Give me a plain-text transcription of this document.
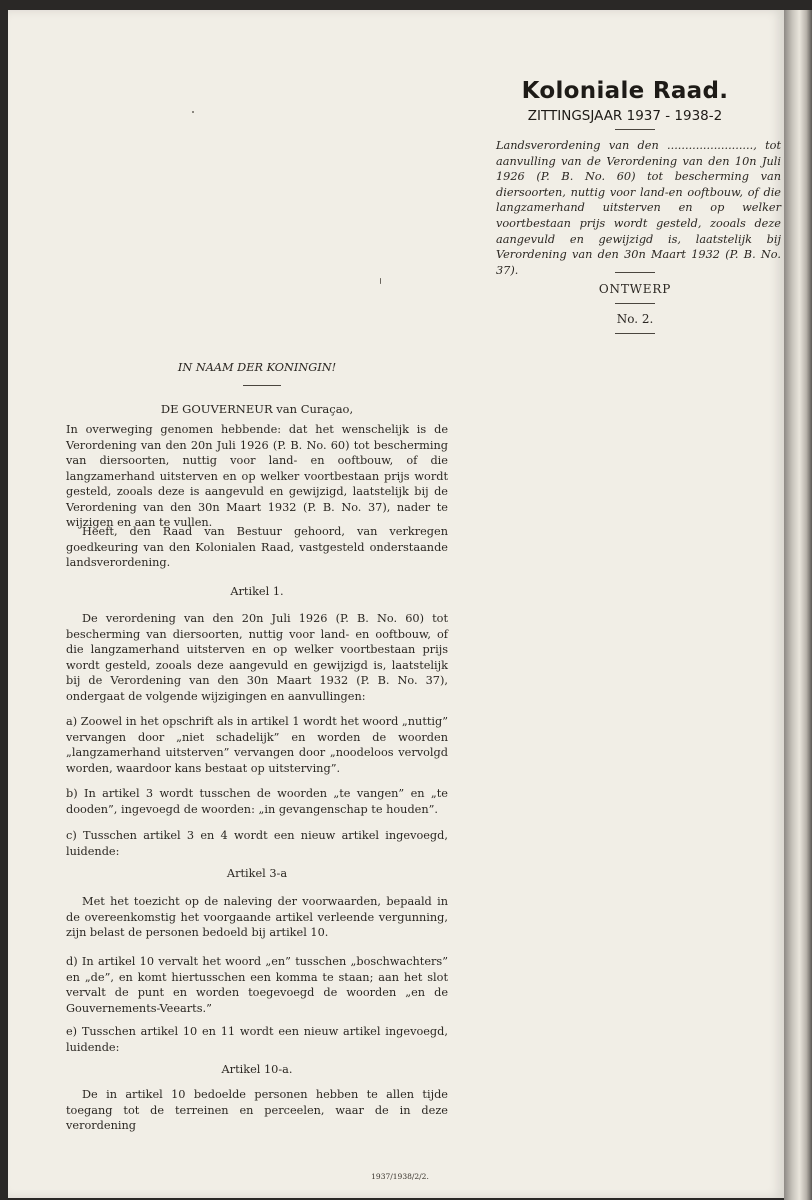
Koloniale Raad.
ZITTINGSJAAR 1937 - 1938-2
Landsverordening van den ........................, tot aanvulling van de Verordening van den 10n Juli 1926 (P. B. No. 60) tot bescherming van diersoorten, nuttig voor land-en ooftbouw, of die langzamerhand uitsterven en op welker voortbestaan prijs wordt gesteld, zooals deze aangevuld en gewijzigd is, laatstelijk bij Verordening van den 30n Maart 1932 (P. B. No. 37).
ONTWERP
No. 2.
IN NAAM DER KONINGIN!
DE GOUVERNEUR van Curaçao,
In overweging genomen hebbende: dat het wenschelijk is de Verordening van den 20n Juli 1926 (P. B. No. 60) tot bescherming van diersoorten, nuttig voor land- en ooftbouw, of die langzamerhand uitsterven en op welker voortbestaan prijs wordt gesteld, zooals deze is aangevuld en gewijzigd, laatstelijk bij de Verordening van den 30n Maart 1932 (P. B. No. 37), nader te wijzigen en aan te vullen.
Heeft, den Raad van Bestuur gehoord, van verkregen goedkeuring van den Kolonialen Raad, vastgesteld onderstaande landsverordening.
Artikel 1.
De verordening van den 20n Juli 1926 (P. B. No. 60) tot bescherming van diersoorten, nuttig voor land- en ooftbouw, of die langzamerhand uitsterven en op welker voortbestaan prijs wordt gesteld, zooals deze aangevuld en gewijzigd is, laatstelijk bij de Verordening van den 30n Maart 1932 (P. B. No. 37), ondergaat de volgende wijzigingen en aanvullingen:
a) Zoowel in het opschrift als in artikel 1 wordt het woord „nuttig” vervangen door „niet schadelijk” en worden de woorden „langzamerhand uitsterven” vervangen door „noodeloos vervolgd worden, waardoor kans bestaat op uitsterving”.
b) In artikel 3 wordt tusschen de woorden „te vangen” en „te dooden”, ingevoegd de woorden: „in gevangenschap te houden”.
c) Tusschen artikel 3 en 4 wordt een nieuw artikel ingevoegd, luidende:
Artikel 3-a
Met het toezicht op de naleving der voorwaarden, bepaald in de overeenkomstig het voorgaande artikel verleende vergunning, zijn belast de personen bedoeld bij artikel 10.
d) In artikel 10 vervalt het woord „en” tusschen „boschwachters” en „de”, en komt hiertusschen een komma te staan; aan het slot vervalt de punt en worden toegevoegd de woorden „en de Gouvernements-Veearts.”
e) Tusschen artikel 10 en 11 wordt een nieuw artikel ingevoegd, luidende:
Artikel 10-a.
De in artikel 10 bedoelde personen hebben te allen tijde toegang tot de terreinen en perceelen, waar de in deze verordening
1937/1938/2/2.
